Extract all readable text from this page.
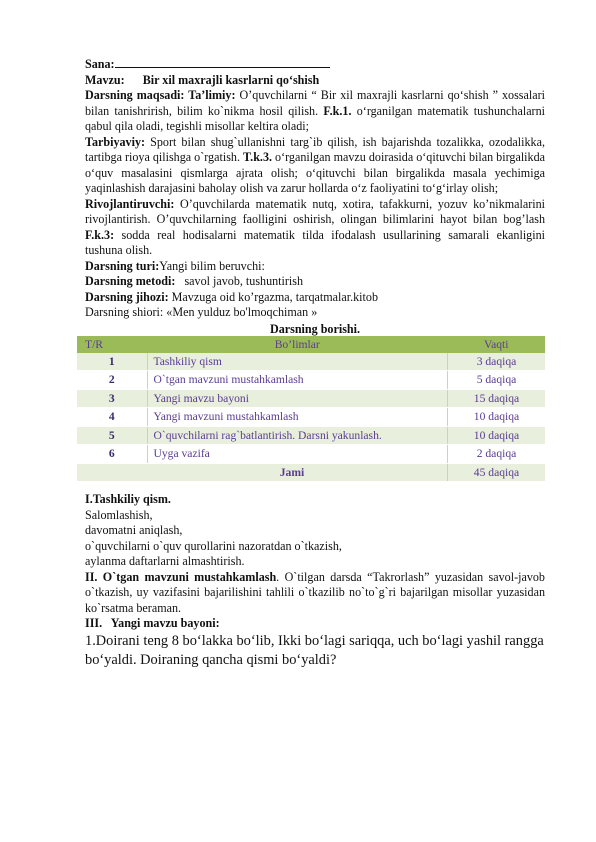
Sana:

Mavzu: Bir xil maxrajli kasrlarni qo‘shish

Darsning maqsadi: Ta’limiy: O’quvchilarni “ Bir xil maxrajli kasrlarni qo‘shish ” xossalari bilan tanishrirish, bilim ko`nikma hosil qilish. F.k.1. o‘rganilgan matematik tushunchalarni qabul qila oladi, tegishli misollar keltira oladi;

Tarbiyaviy: Sport bilan shug`ullanishni targ`ib qilish, ish bajarishda tozalikka, ozodalikka, tartibga rioya qilishga o`rgatish. T.k.3. o‘rganilgan mavzu doirasida o‘qituvchi bilan birgalikda o‘quv masalasini qismlarga ajrata olish; o‘qituvchi bilan birgalikda masala yechimiga yaqinlashish darajasini baholay olish va zarur hollarda o‘z faoliyatini to‘g‘irlay olish;

Rivojlantiruvchi: O’quvchilarda matematik nutq, xotira, tafakkurni, yozuv ko’nikmalarini rivojlantirish. O’quvchilarning faolligini oshirish, olingan bilimlarini hayot bilan bog’lash F.k.3: sodda real hodisalarni matematik tilda ifodalash usullarining samarali ekanligini tushuna olish.

Darsning turi:Yangi bilim beruvchi:

Darsning metodi:   savol javob, tushuntirish

Darsning jihozi: Mavzuga oid ko’rgazma, tarqatmalar.kitob

Darsning shiori: «Men yulduz bo'lmoqchiman »

Darsning borishi.
T/R	Bo’limlar	Vaqti
1	Tashkiliy qism	3 daqiqa
2	O`tgan mavzuni mustahkamlash	5 daqiqa
3	Yangi mavzu bayoni	15 daqiqa
4	Yangi mavzuni mustahkamlash	10 daqiqa
5	O`quvchilarni rag`batlantirish. Darsni yakunlash.	10 daqiqa
6	Uyga vazifa	2 daqiqa
Jami		45 daqiqa

I.Tashkiliy qism.

Salomlashish,

davomatni aniqlash,

o`quvchilarni o`quv qurollarini nazoratdan o`tkazish,

aylanma daftarlarni almashtirish.

II. O`tgan mavzuni mustahkamlash. O`tilgan darsda “Takrorlash” yuzasidan savol-javob o`tkazish, uy vazifasini bajarilishini tahlili o`tkazilib no`to`g`ri bajarilgan misollar yuzasidan ko`rsatma beraman.

III.   Yangi mavzu bayoni:

1.Doirani teng 8 bo‘lakka bo‘lib, Ikki bo‘lagi sariqqa, uch bo‘lagi yashil rangga bo‘yaldi. Doiraning qancha qismi bo‘yaldi?
